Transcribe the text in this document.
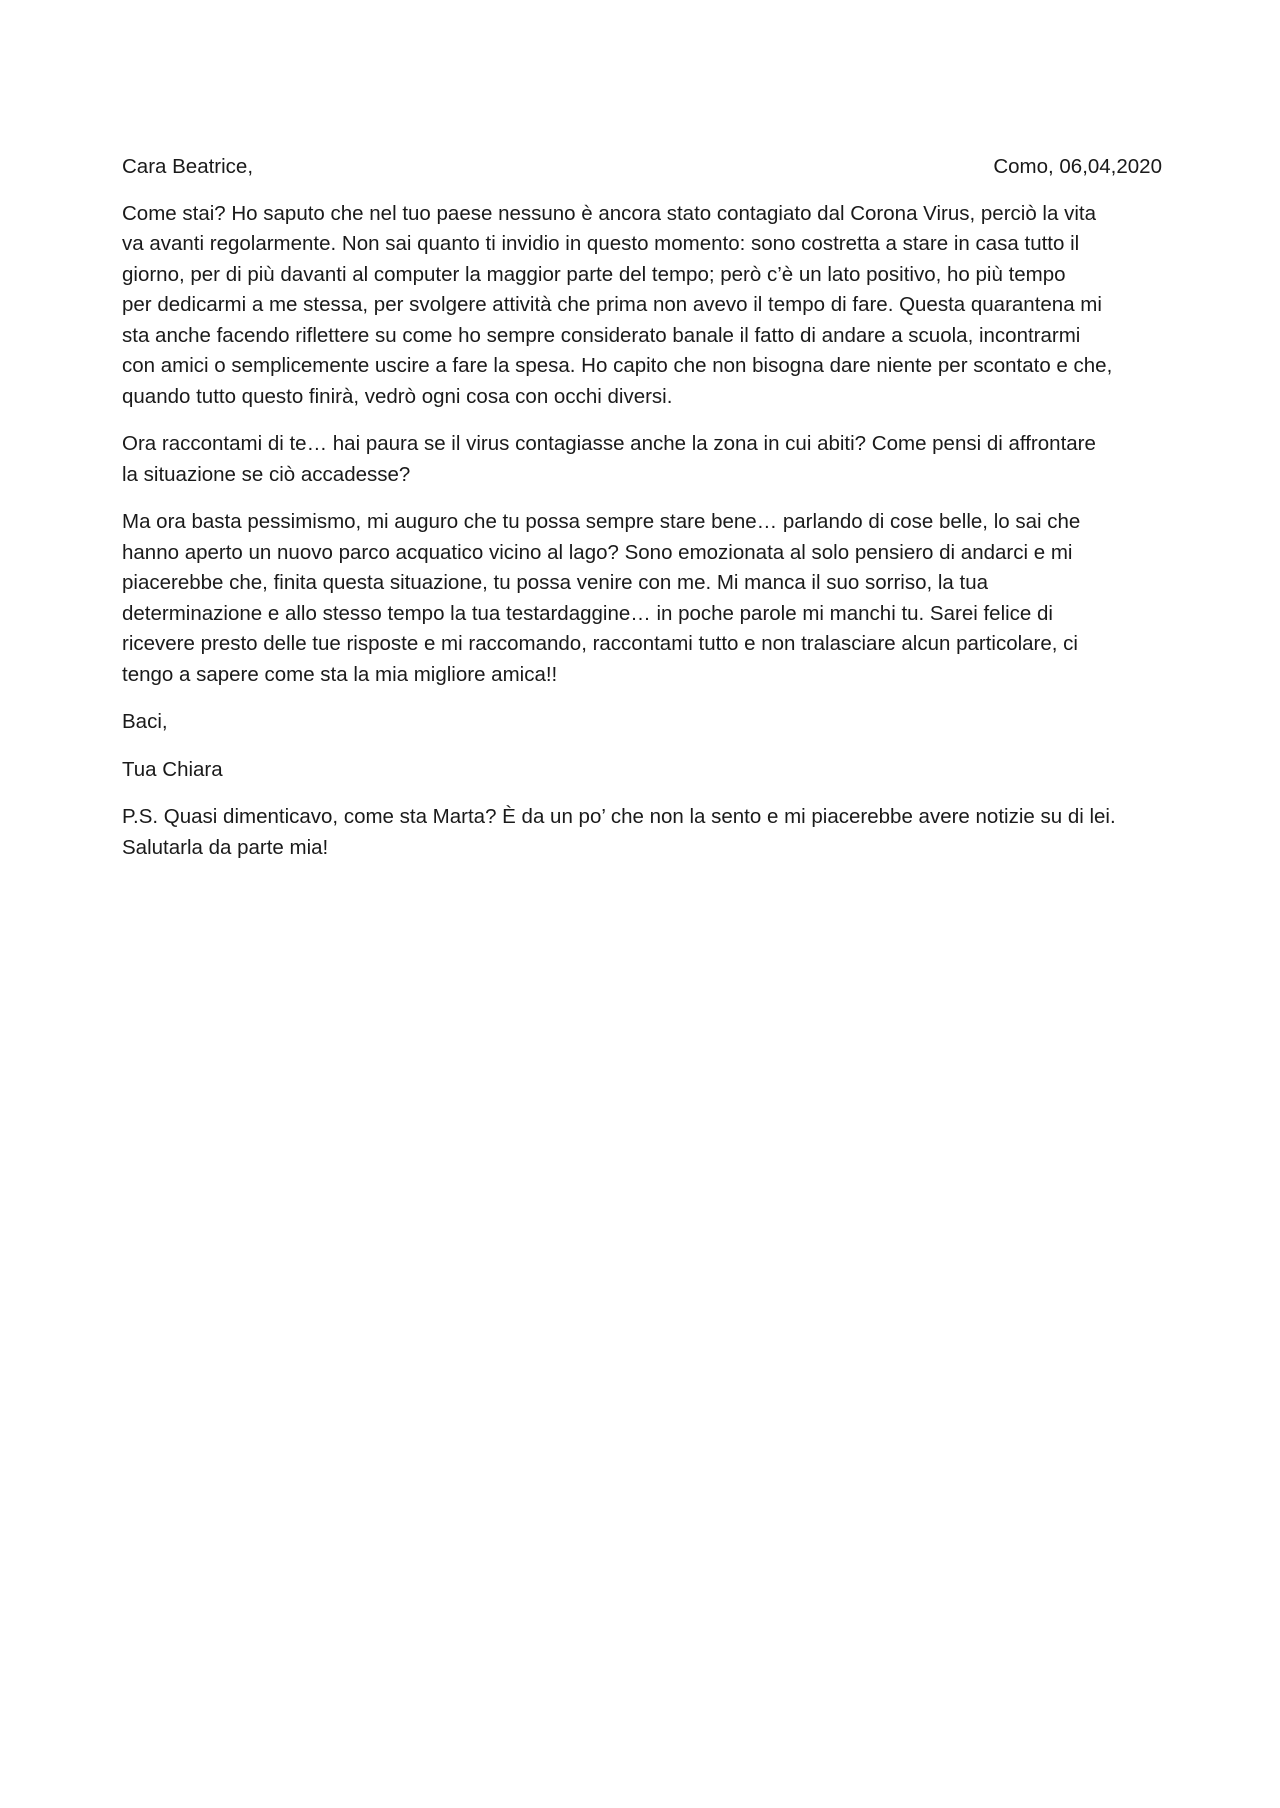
Cara Beatrice,	Como, 06,04,2020
Come stai? Ho saputo che nel tuo paese nessuno è ancora stato contagiato dal Corona Virus, perciò la vita
va avanti regolarmente. Non sai quanto ti invidio in questo momento: sono costretta a stare in casa tutto il
giorno, per di più davanti al computer la maggior parte del tempo; però c’è un lato positivo, ho più tempo
per dedicarmi a me stessa, per svolgere attività che prima non avevo il tempo di fare. Questa quarantena mi
sta anche facendo riflettere su come ho sempre considerato banale il fatto di andare a scuola, incontrarmi
con amici o semplicemente uscire a fare la spesa. Ho capito che non bisogna dare niente per scontato e che,
quando tutto questo finirà, vedrò ogni cosa con occhi diversi.
Ora raccontami di te… hai paura se il virus contagiasse anche la zona in cui abiti? Come pensi di affrontare
la situazione se ciò accadesse?
Ma ora basta pessimismo, mi auguro che tu possa sempre stare bene… parlando di cose belle, lo sai che
hanno aperto un nuovo parco acquatico vicino al lago? Sono emozionata al solo pensiero di andarci e mi
piacerebbe che, finita questa situazione, tu possa venire con me. Mi manca il suo sorriso, la tua
determinazione e allo stesso tempo la tua testardaggine… in poche parole mi manchi tu. Sarei felice di
ricevere presto delle tue risposte e mi raccomando, raccontami tutto e non tralasciare alcun particolare, ci
tengo a sapere come sta la mia migliore amica!!
Baci,
Tua Chiara
P.S. Quasi dimenticavo, come sta Marta? È da un po’ che non la sento e mi piacerebbe avere notizie su di lei.
Salutarla da parte mia!
